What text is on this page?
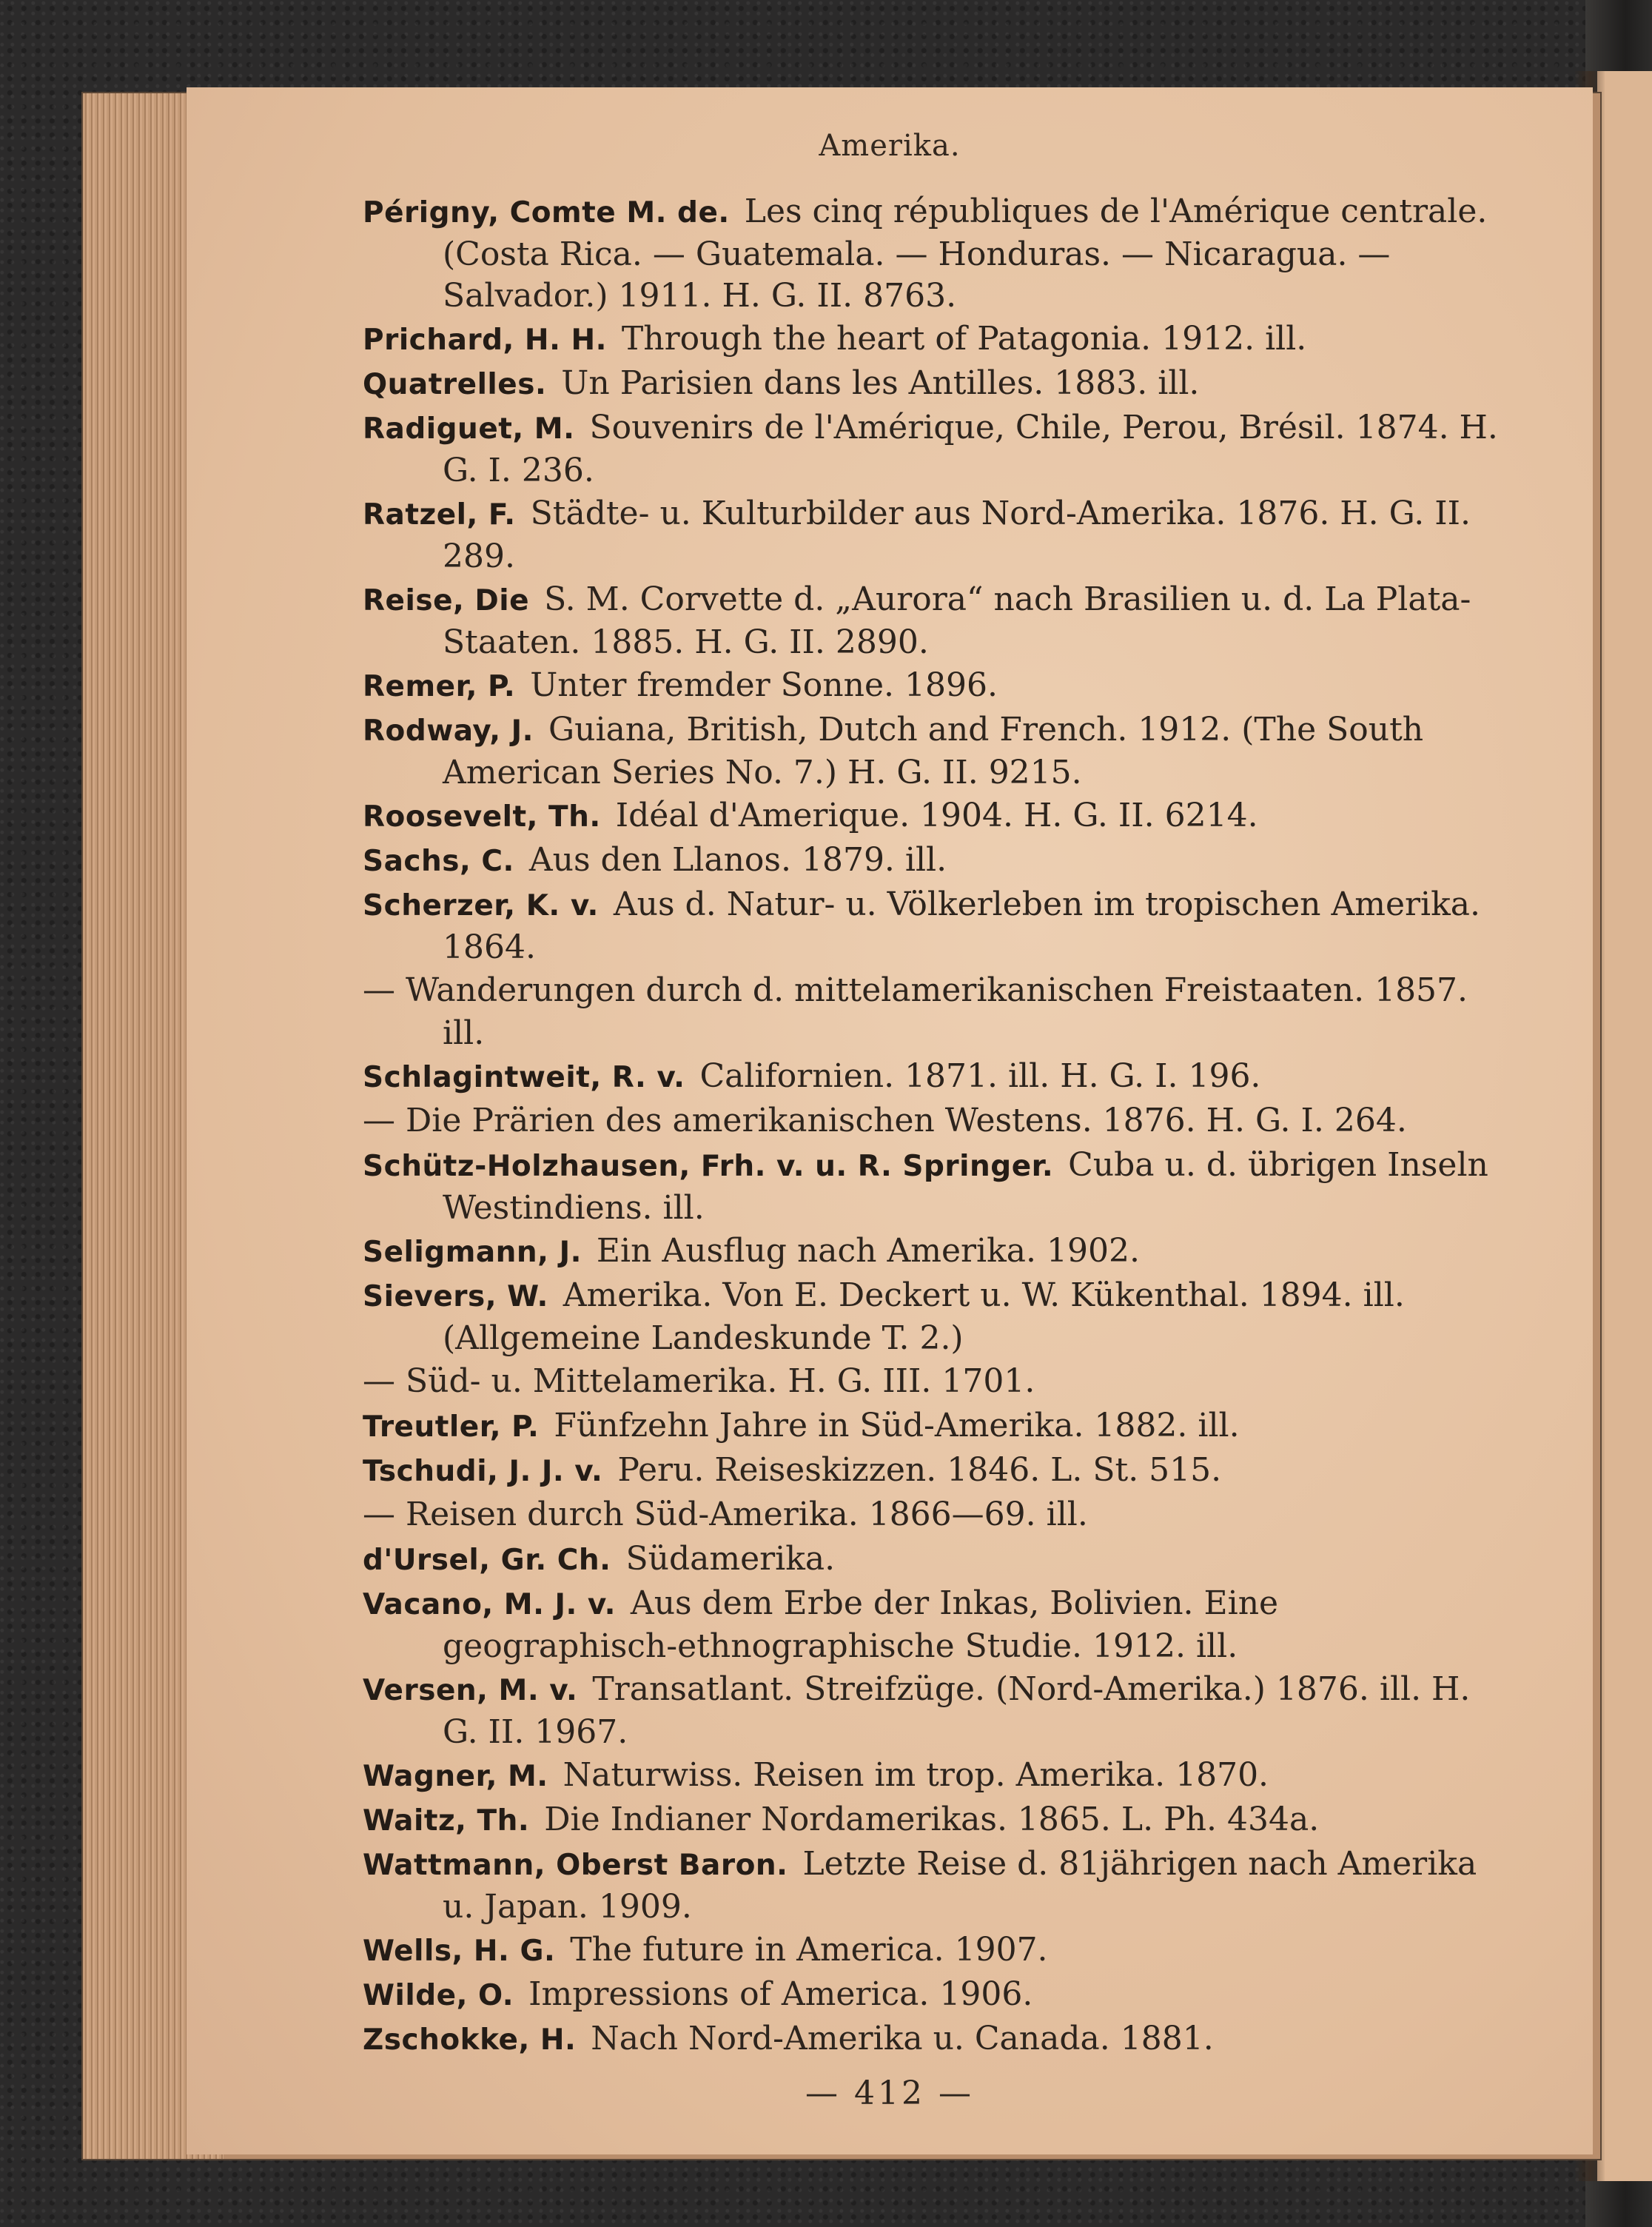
Amerika.

Périgny, Comte M. de. Les cinq républiques de l'Amérique centrale. (Costa Rica. — Guatemala. — Honduras. — Nicaragua. — Salvador.) 1911. H. G. II. 8763.

Prichard, H. H. Through the heart of Patagonia. 1912. ill.

Quatrelles. Un Parisien dans les Antilles. 1883. ill.

Radiguet, M. Souvenirs de l'Amérique, Chile, Perou, Brésil. 1874. H. G. I. 236.

Ratzel, F. Städte- u. Kulturbilder aus Nord-Amerika. 1876. H. G. II. 289.

Reise, Die S. M. Corvette d. „Aurora“ nach Brasilien u. d. La Plata-Staaten. 1885. H. G. II. 2890.

Remer, P. Unter fremder Sonne. 1896.

Rodway, J. Guiana, British, Dutch and French. 1912. (The South American Series No. 7.) H. G. II. 9215.

Roosevelt, Th. Idéal d'Amerique. 1904. H. G. II. 6214.

Sachs, C. Aus den Llanos. 1879. ill.

Scherzer, K. v. Aus d. Natur- u. Völkerleben im tropischen Amerika. 1864.

— Wanderungen durch d. mittelamerikanischen Freistaaten. 1857. ill.

Schlagintweit, R. v. Californien. 1871. ill. H. G. I. 196.

— Die Prärien des amerikanischen Westens. 1876. H. G. I. 264.

Schütz-Holzhausen, Frh. v. u. R. Springer. Cuba u. d. übrigen Inseln Westindiens. ill.

Seligmann, J. Ein Ausflug nach Amerika. 1902.

Sievers, W. Amerika. Von E. Deckert u. W. Kükenthal. 1894. ill. (Allgemeine Landeskunde T. 2.)

— Süd- u. Mittelamerika. H. G. III. 1701.

Treutler, P. Fünfzehn Jahre in Süd-Amerika. 1882. ill.

Tschudi, J. J. v. Peru. Reiseskizzen. 1846. L. St. 515.

— Reisen durch Süd-Amerika. 1866—69. ill.

d'Ursel, Gr. Ch. Südamerika.

Vacano, M. J. v. Aus dem Erbe der Inkas, Bolivien. Eine geographisch-ethnographische Studie. 1912. ill.

Versen, M. v. Transatlant. Streifzüge. (Nord-Amerika.) 1876. ill. H. G. II. 1967.

Wagner, M. Naturwiss. Reisen im trop. Amerika. 1870.

Waitz, Th. Die Indianer Nordamerikas. 1865. L. Ph. 434a.

Wattmann, Oberst Baron. Letzte Reise d. 81jährigen nach Amerika u. Japan. 1909.

Wells, H. G. The future in America. 1907.

Wilde, O. Impressions of America. 1906.

Zschokke, H. Nach Nord-Amerika u. Canada. 1881.

— 412 —
